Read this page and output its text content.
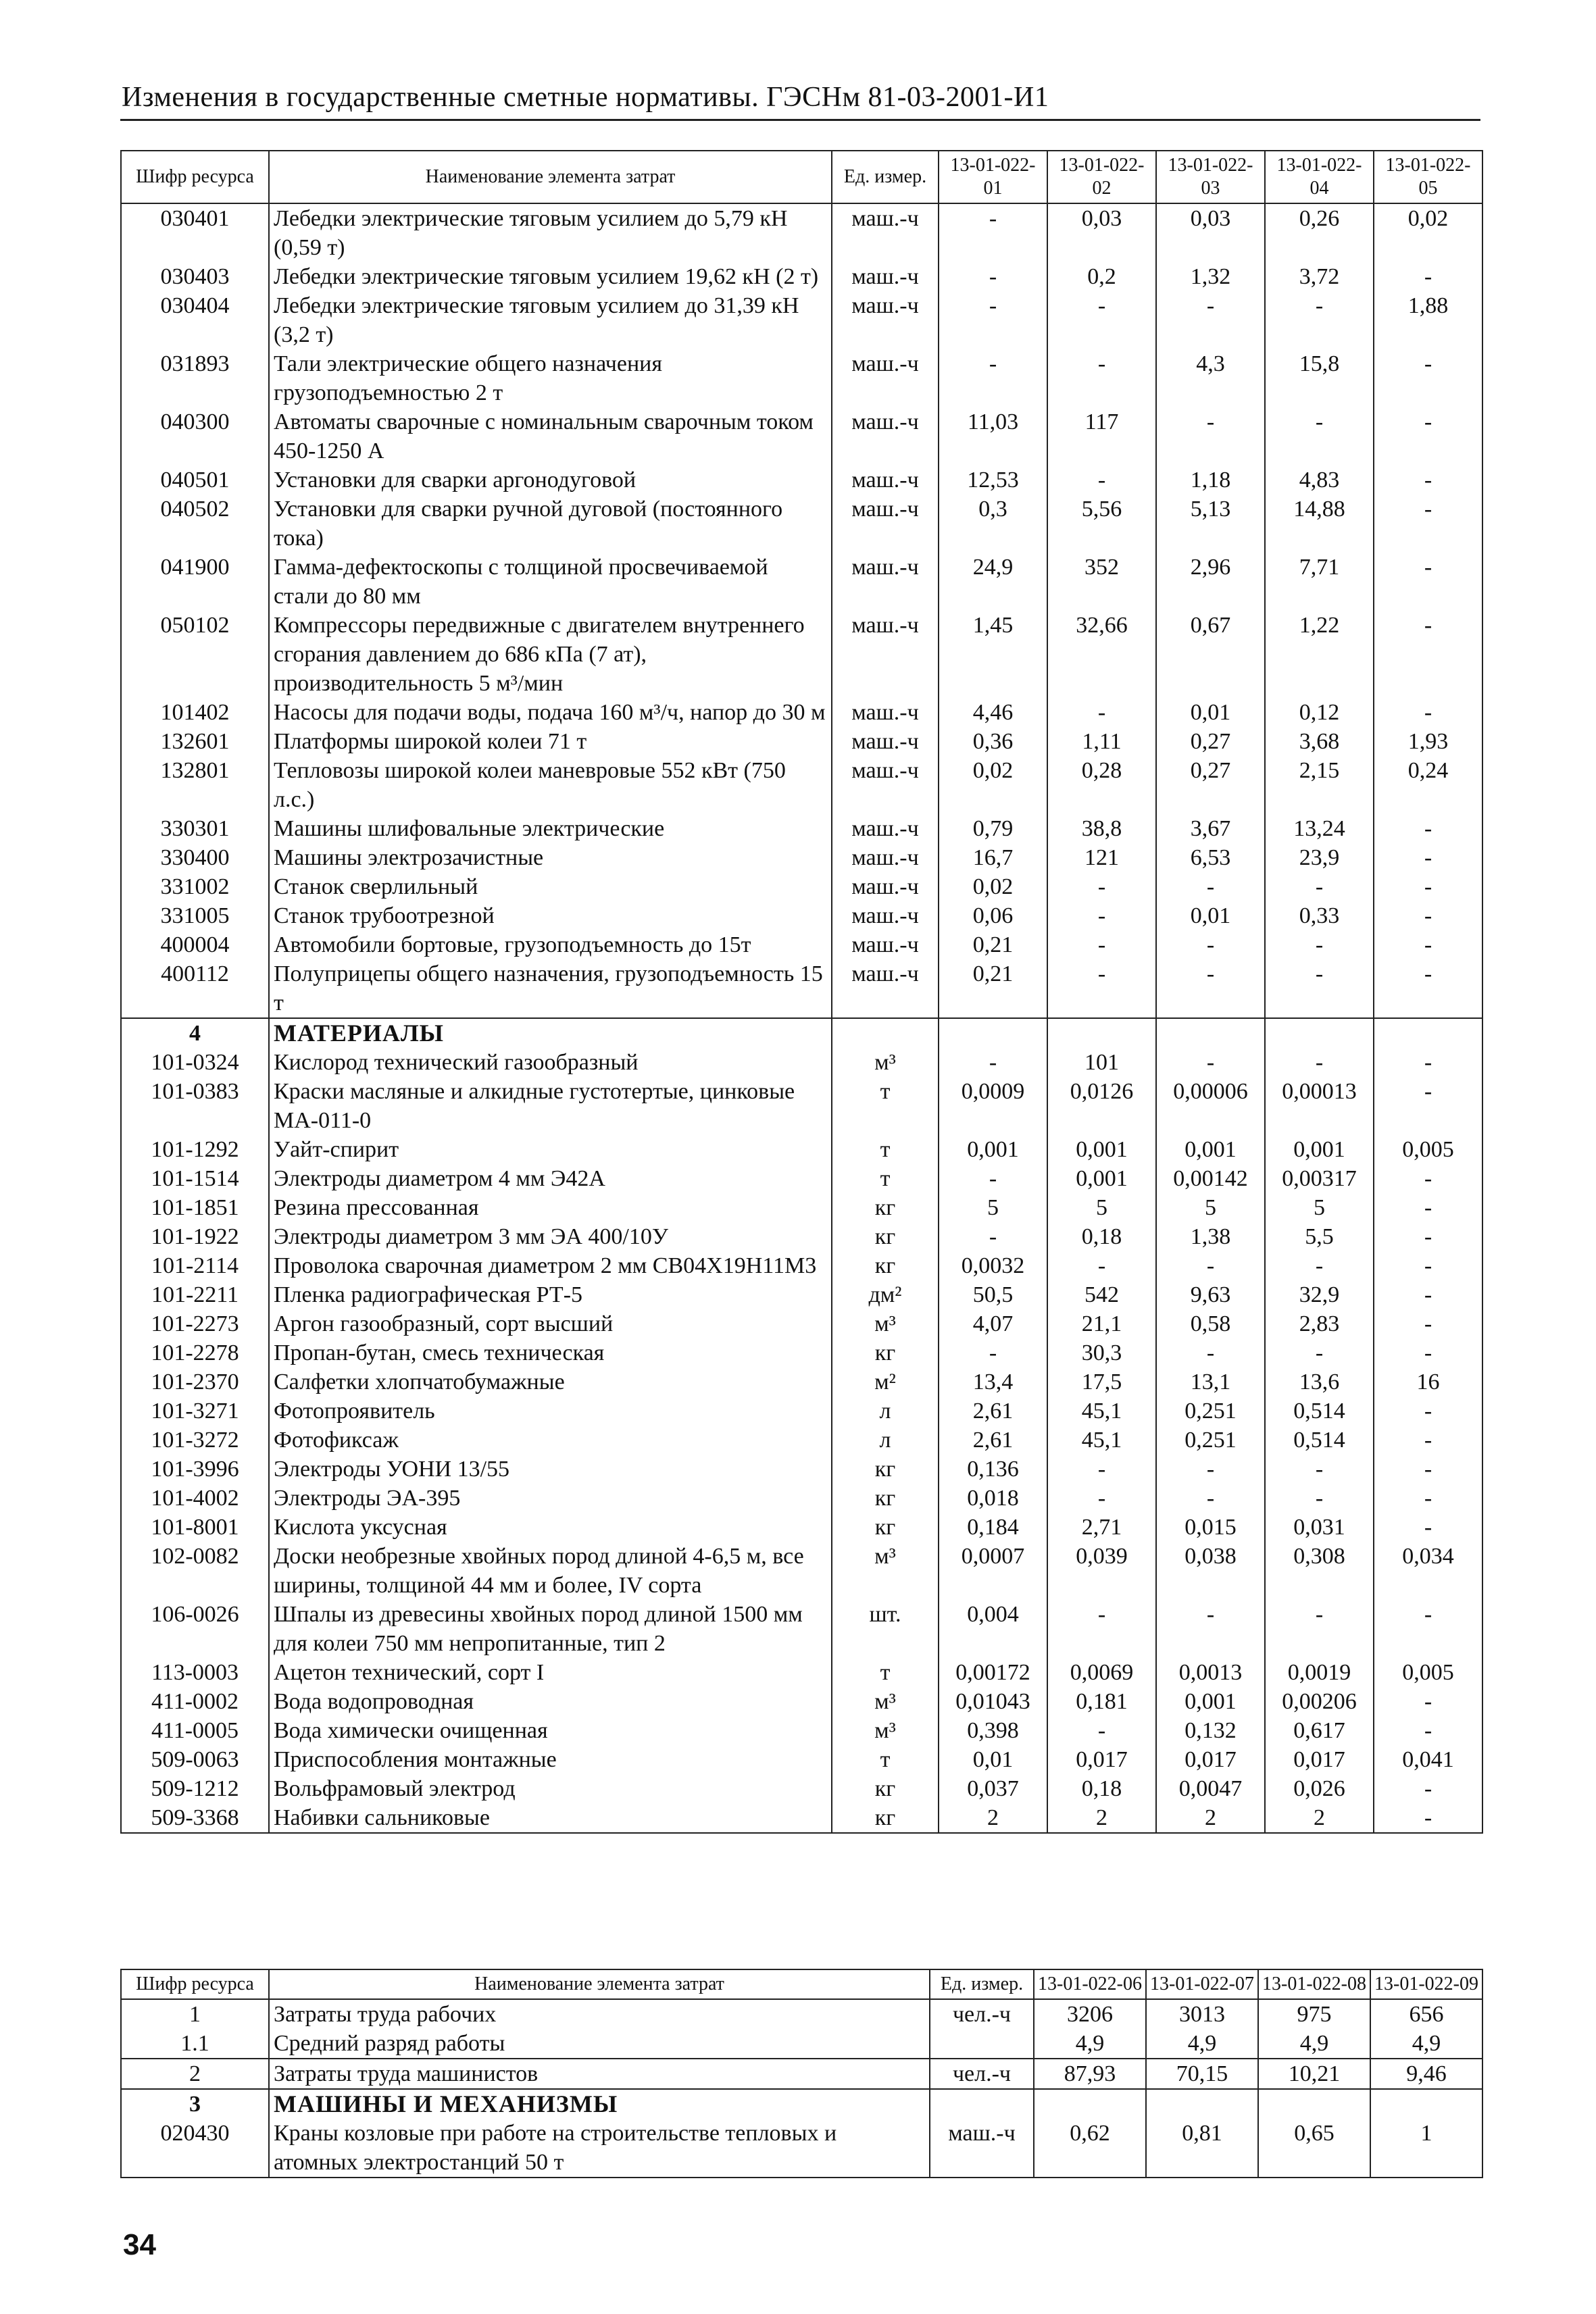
Изменения в государственные сметные нормативы. ГЭСНм 81-03-2001-И1
Шифр ресурса	Наименование элемента затрат	Ед. измер.	13-01-022-01	13-01-022-02	13-01-022-03	13-01-022-04	13-01-022-05
030401	Лебедки электрические тяговым усилием до 5,79 кН (0,59 т)	маш.-ч	-	0,03	0,03	0,26	0,02
030403	Лебедки электрические тяговым усилием 19,62 кН (2 т)	маш.-ч	-	0,2	1,32	3,72	-
030404	Лебедки электрические тяговым усилием до 31,39 кН (3,2 т)	маш.-ч	-	-	-	-	1,88
031893	Тали электрические общего назначения грузоподъемностью 2 т	маш.-ч	-	-	4,3	15,8	-
040300	Автоматы сварочные с номинальным сварочным током 450-1250 А	маш.-ч	11,03	117	-	-	-
040501	Установки для сварки аргонодуговой	маш.-ч	12,53	-	1,18	4,83	-
040502	Установки для сварки ручной дуговой (постоянного тока)	маш.-ч	0,3	5,56	5,13	14,88	-
041900	Гамма-дефектоскопы с толщиной просвечиваемой стали до 80 мм	маш.-ч	24,9	352	2,96	7,71	-
050102	Компрессоры передвижные с двигателем внутреннего сгорания давлением до 686 кПа (7 ат), производительность 5 м³/мин	маш.-ч	1,45	32,66	0,67	1,22	-
101402	Насосы для подачи воды, подача 160 м³/ч, напор до 30 м	маш.-ч	4,46	-	0,01	0,12	-
132601	Платформы широкой колеи 71 т	маш.-ч	0,36	1,11	0,27	3,68	1,93
132801	Тепловозы широкой колеи маневровые 552 кВт (750 л.с.)	маш.-ч	0,02	0,28	0,27	2,15	0,24
330301	Машины шлифовальные электрические	маш.-ч	0,79	38,8	3,67	13,24	-
330400	Машины электрозачистные	маш.-ч	16,7	121	6,53	23,9	-
331002	Станок сверлильный	маш.-ч	0,02	-	-	-	-
331005	Станок трубоотрезной	маш.-ч	0,06	-	0,01	0,33	-
400004	Автомобили бортовые, грузоподъемность до 15т	маш.-ч	0,21	-	-	-	-
400112	Полуприцепы общего назначения, грузоподъемность 15 т	маш.-ч	0,21	-	-	-	-
4	МАТЕРИАЛЫ						
101-0324	Кислород технический газообразный	м³	-	101	-	-	-
101-0383	Краски масляные и алкидные густотертые, цинковые МА-011-0	т	0,0009	0,0126	0,00006	0,00013	-
101-1292	Уайт-спирит	т	0,001	0,001	0,001	0,001	0,005
101-1514	Электроды диаметром 4 мм Э42А	т	-	0,001	0,00142	0,00317	-
101-1851	Резина прессованная	кг	5	5	5	5	-
101-1922	Электроды диаметром 3 мм ЭА 400/10У	кг	-	0,18	1,38	5,5	-
101-2114	Проволока сварочная диаметром 2 мм СВ04Х19Н11М3	кг	0,0032	-	-	-	-
101-2211	Пленка радиографическая РТ-5	дм²	50,5	542	9,63	32,9	-
101-2273	Аргон газообразный, сорт высший	м³	4,07	21,1	0,58	2,83	-
101-2278	Пропан-бутан, смесь техническая	кг	-	30,3	-	-	-
101-2370	Салфетки хлопчатобумажные	м²	13,4	17,5	13,1	13,6	16
101-3271	Фотопроявитель	л	2,61	45,1	0,251	0,514	-
101-3272	Фотофиксаж	л	2,61	45,1	0,251	0,514	-
101-3996	Электроды УОНИ 13/55	кг	0,136	-	-	-	-
101-4002	Электроды ЭА-395	кг	0,018	-	-	-	-
101-8001	Кислота уксусная	кг	0,184	2,71	0,015	0,031	-
102-0082	Доски необрезные хвойных пород длиной 4-6,5 м, все ширины, толщиной 44 мм и более, IV сорта	м³	0,0007	0,039	0,038	0,308	0,034
106-0026	Шпалы из древесины хвойных пород длиной 1500 мм для колеи 750 мм непропитанные, тип 2	шт.	0,004	-	-	-	-
113-0003	Ацетон технический, сорт I	т	0,00172	0,0069	0,0013	0,0019	0,005
411-0002	Вода водопроводная	м³	0,01043	0,181	0,001	0,00206	-
411-0005	Вода химически очищенная	м³	0,398	-	0,132	0,617	-
509-0063	Приспособления монтажные	т	0,01	0,017	0,017	0,017	0,041
509-1212	Вольфрамовый электрод	кг	0,037	0,18	0,0047	0,026	-
509-3368	Набивки сальниковые	кг	2	2	2	2	-
Шифр ресурса	Наименование элемента затрат	Ед. измер.	13-01-022-06	13-01-022-07	13-01-022-08	13-01-022-09
1	Затраты труда рабочих	чел.-ч	3206	3013	975	656
1.1	Средний разряд работы		4,9	4,9	4,9	4,9
2	Затраты труда машинистов	чел.-ч	87,93	70,15	10,21	9,46
3	МАШИНЫ И МЕХАНИЗМЫ					
020430	Краны козловые при работе на строительстве тепловых и атомных электростанций 50 т	маш.-ч	0,62	0,81	0,65	1
34
